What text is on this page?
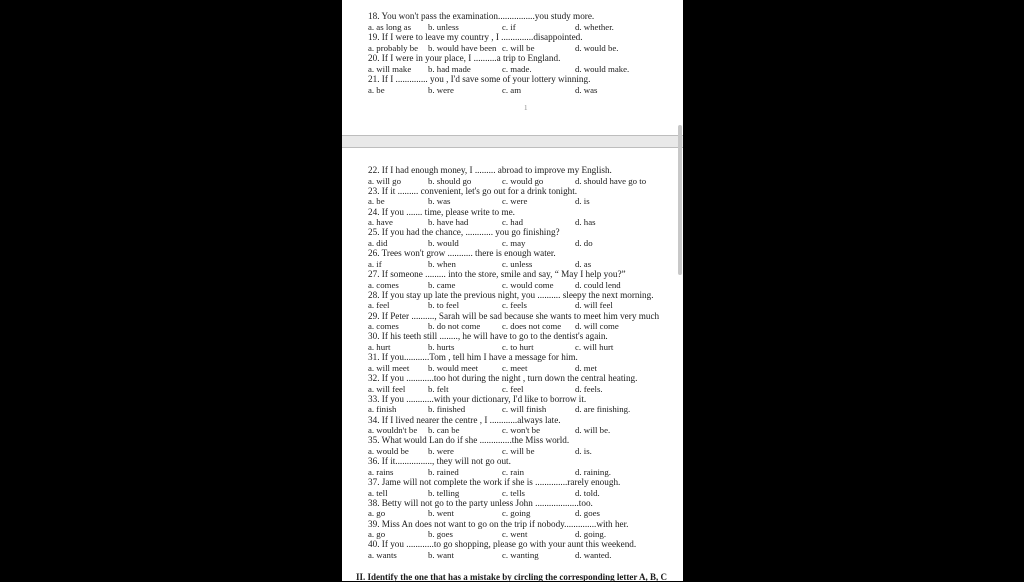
18. You won't pass the examination................you study more.
a. as long as b. unless	c. if	d. whether.
19. If I were to leave my country , I ..............disappointed.
a. probably be b. would have been c. will be	d. would be.
20. If I were in your place, I ..........a trip to England.
a. will make b. had made	c. made.	d. would make.
21. If I .............. you , I'd save some of your lottery winning.
a. be	b. were	c. am	d. was
1
22. If I had enough money, I ......... abroad to improve my English.
a. will go	b. should go	c. would go	d. should have go to
23. If it ......... convenient, let's go out for a drink tonight.
a. be	b. was	c. were	d. is
24. If you ....... time, please write to me.
a. have	b. have had	c. had	d. has
25. If you had the chance, ............ you go finishing?
a. did	b. would	c. may	d. do
26. Trees won't grow ........... there is enough water.
a. if	b. when	c. unless	d. as
27. If someone ......... into the store, smile and say, “ May I help you?”
a. comes	b. came	c. would come d. could lend
28. If you stay up late the previous night, you .......... sleepy the next morning.
a. feel	b. to feel	c. feels	d. will feel
29. If Peter .........., Sarah will be sad because she wants to meet him very much
a. comes	b. do not come c. does not come d. will come
30. If his teeth still ........, he will have to go to the dentist's again.
a. hurt	b. hurts	c. to hurt	c. will hurt
31. If you...........Tom , tell him I have a message for him.
a. will meet b. would meet	c. meet	d. met
32. If you ............too hot during the night , turn down the central heating.
a. will feel	b. felt	c. feel	d. feels.
33. If you ............with your dictionary, I'd like to borrow it.
a. finish	b. finished	c. will finish	d. are finishing.
34. If I lived nearer the centre , I ............always late.
a. wouldn't be b. can be	c. won't be	d. will be.
35. What would Lan do if she ..............the Miss world.
a. would be b. were	c. will be	d. is.
36. If it................, they will not go out.
a. rains	b. rained	c. rain	d. raining.
37. Jame will not complete the work if she is ..............rarely enough.
a. tell	b. telling	c. tells	d. told.
38. Betty will not go to the party unless John ...................too.
a. go	b. went	c. going	d. goes
39. Miss An does not want to go on the trip if nobody..............with her.
a. go	b. goes	c. went	d. going.
40. If you ............to go shopping, please go with your aunt this weekend.
a. wants	b. want	c. wanting	d. wanted.
II. Identify the one that has a mistake by circling the corresponding letter A, B, C
